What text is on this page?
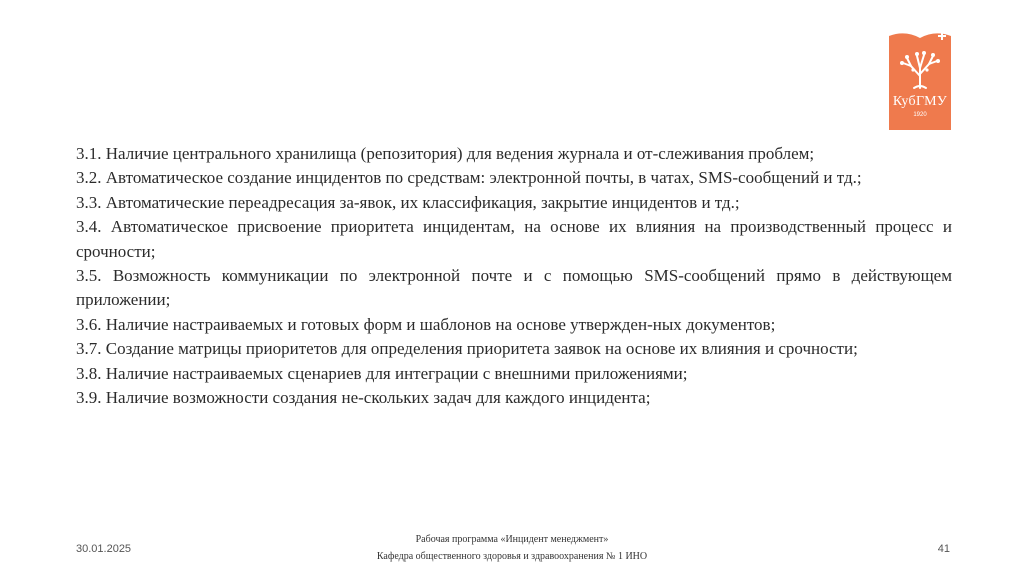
КубГМУ
1920

3.1. Наличие центрального хранилища (репозитория) для ведения журнала и от-слеживания проблем;

3.2. Автоматическое создание инцидентов по средствам: электронной почты, в чатах, SMS-сообщений и тд.;

3.3. Автоматические переадресация за-явок, их классификация, закрытие инцидентов и тд.;

3.4. Автоматическое присвоение приоритета инцидентам, на основе их влияния на производственный процесс и срочности;

3.5. Возможность коммуникации по электронной почте и с помощью SMS-сообщений прямо в действующем приложении;

3.6. Наличие настраиваемых и готовых форм и шаблонов на основе утвержден-ных документов;

3.7. Создание матрицы приоритетов для определения приоритета заявок на основе их влияния и срочности;

3.8. Наличие настраиваемых сценариев для интеграции с внешними приложениями;

3.9. Наличие возможности создания не-скольких задач для каждого инцидента;

30.01.2025
Рабочая программа «Инцидент менеджмент»
Кафедра общественного здоровья и здравоохранения № 1 ИНО
41
